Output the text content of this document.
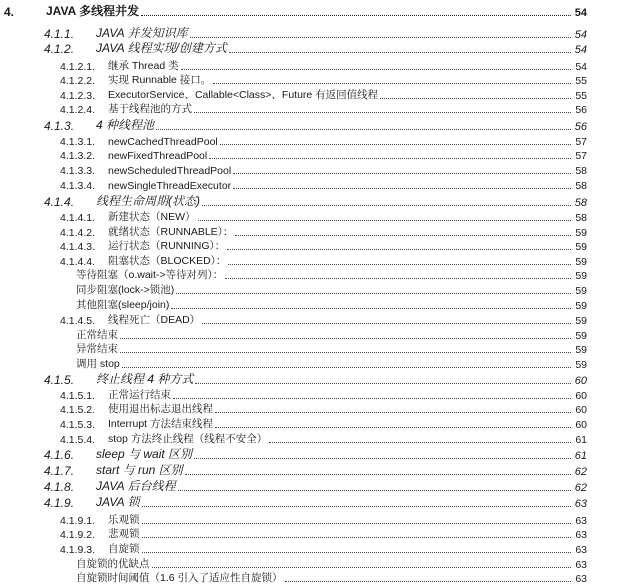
4.	JAVA 多线程并发	54
4.1.1.	JAVA 并发知识库	54
4.1.2.	JAVA 线程实现/创建方式	54
4.1.2.1.	继承 Thread 类	54
4.1.2.2.	实现 Runnable 接口。	55
4.1.2.3.	ExecutorService、Callable<Class>、Future 有返回值线程	55
4.1.2.4.	基于线程池的方式	56
4.1.3.	4 种线程池	56
4.1.3.1.	newCachedThreadPool	57
4.1.3.2.	newFixedThreadPool	57
4.1.3.3.	newScheduledThreadPool	58
4.1.3.4.	newSingleThreadExecutor	58
4.1.4.	线程生命周期(状态)	58
4.1.4.1.	新建状态（NEW）	58
4.1.4.2.	就绪状态（RUNNABLE）：	59
4.1.4.3.	运行状态（RUNNING）：	59
4.1.4.4.	阻塞状态（BLOCKED）：	59
等待阻塞（o.wait->等待对列）：	59
同步阻塞(lock->锁池)	59
其他阻塞(sleep/join)	59
4.1.4.5.	线程死亡（DEAD）	59
正常结束	59
异常结束	59
调用 stop	59
4.1.5.	终止线程 4 种方式	60
4.1.5.1.	正常运行结束	60
4.1.5.2.	使用退出标志退出线程	60
4.1.5.3.	Interrupt 方法结束线程	60
4.1.5.4.	stop 方法终止线程（线程不安全）	61
4.1.6.	sleep 与 wait 区别	61
4.1.7.	start 与 run 区别	62
4.1.8.	JAVA 后台线程	62
4.1.9.	JAVA 锁	63
4.1.9.1.	乐观锁	63
4.1.9.2.	悲观锁	63
4.1.9.3.	自旋锁	63
自旋锁的优缺点	63
自旋锁时间阈值（1.6 引入了适应性自旋锁）	63
